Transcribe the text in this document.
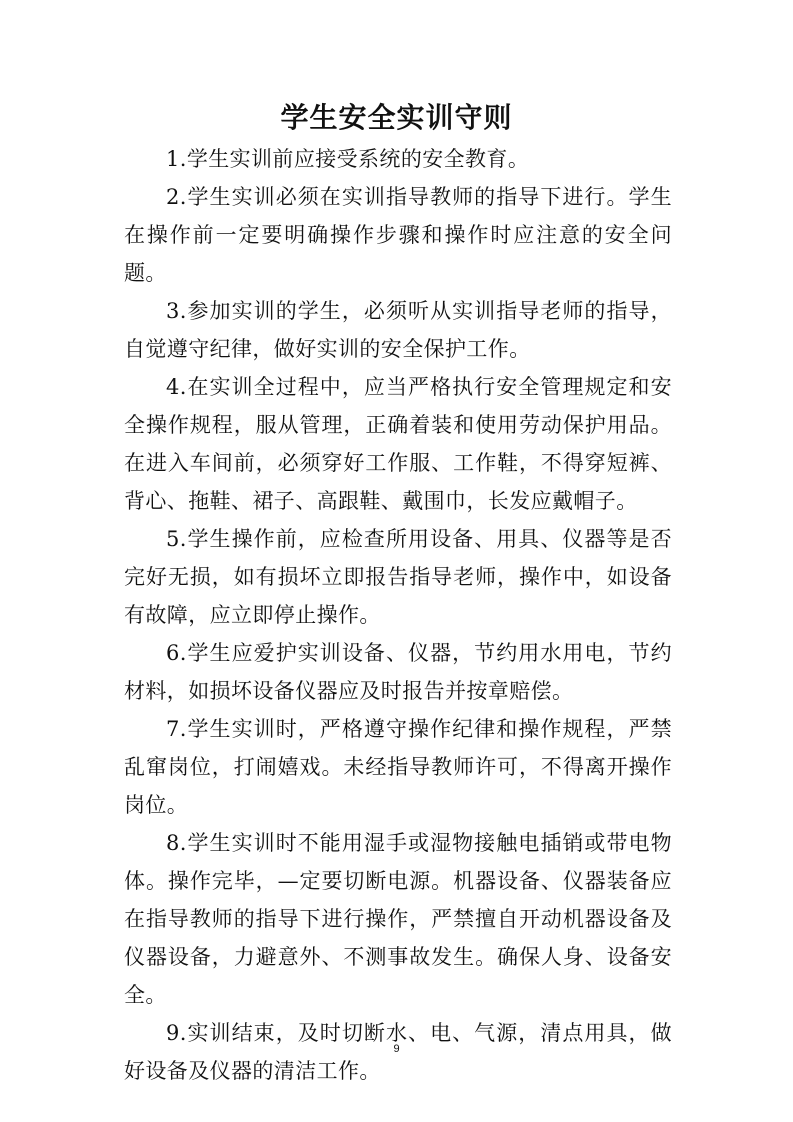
学生安全实训守则

1.学生实训前应接受系统的安全教育。

2.学生实训必须在实训指导教师的指导下进行。学生在操作前一定要明确操作步骤和操作时应注意的安全问题。

3.参加实训的学生，必须听从实训指导老师的指导，自觉遵守纪律，做好实训的安全保护工作。

4.在实训全过程中，应当严格执行安全管理规定和安全操作规程，服从管理，正确着装和使用劳动保护用品。在进入车间前，必须穿好工作服、工作鞋，不得穿短裤、背心、拖鞋、裙子、高跟鞋、戴围巾，长发应戴帽子。

5.学生操作前，应检查所用设备、用具、仪器等是否完好无损，如有损坏立即报告指导老师，操作中，如设备有故障，应立即停止操作。

6.学生应爱护实训设备、仪器，节约用水用电，节约材料，如损坏设备仪器应及时报告并按章赔偿。

7.学生实训时，严格遵守操作纪律和操作规程，严禁乱窜岗位，打闹嬉戏。未经指导教师许可，不得离开操作岗位。

8.学生实训时不能用湿手或湿物接触电插销或带电物体。操作完毕，—定要切断电源。机器设备、仪器装备应在指导教师的指导下进行操作，严禁擅自开动机器设备及仪器设备，力避意外、不测事故发生。确保人身、设备安全。

9.实训结束，及时切断水、电、气源，清点用具，做好设备及仪器的清洁工作。

9
